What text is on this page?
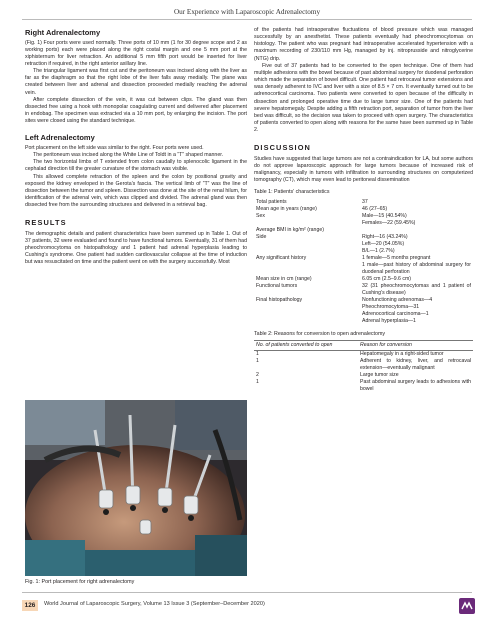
Our Experience with Laparoscopic Adrenalectomy
Right Adrenalectomy

(Fig. 1) Four ports were used normally. Three ports of 10 mm (1 for 30 degree scope and 2 as working ports) each were placed along the right costal margin and one 5 mm port at the xiphisternum for liver retraction. An additional 5 mm fifth port would be inserted for liver retraction if required, in the right anterior axillary line.

The triangular ligament was first cut and the peritoneum was incised along with the liver as far as the diaphragm so that the right lobe of the liver falls away medially. The plane was created between liver and adrenal and dissection proceeded medially reaching the adrenal vein.

After complete dissection of the vein, it was cut between clips. The gland was then dissected free using a hook with monopolar coagulating current and delivered after placement in endobag. The specimen was extracted via a 10 mm port, by enlarging the incision. The port sites were closed using the standard technique.

Left Adrenalectomy

Port placement on the left side was similar to the right. Four ports were used.

The peritoneum was incised along the White Line of Toldt in a “T” shaped manner.

The two horizontal limbs of T extended from colon caudally to splenocolic ligament in the cephalad direction till the greater curvature of the stomach was visible.

This allowed complete retraction of the spleen and the colon by positional gravity and exposed the kidney enveloped in the Gerota’s fascia. The vertical limb of “T” was the line of dissection between the tumor and spleen. Dissection was done at the site of the renal hilum, for identification of the adrenal vein, which was clipped and divided. The adrenal gland was then dissected free from the surrounding structures and delivered in a retrieval bag.

RESULTS

The demographic details and patient characteristics have been summed up in Table 1. Out of 37 patients, 32 were evaluated and found to have functional tumors. Eventually, 31 of them had pheochromocytoma on histopathology and 1 patient had adrenal hyperplasia leading to Cushing’s syndrome. One patient had sudden cardiovascular collapse at the time of induction but was resuscitated on time and the patient went on with the surgery successfully. Most

Fig. 1: Port placement for right adrenalectomy

of the patients had intraoperative fluctuations of blood pressure which was managed successfully by an anesthetist. These patients eventually had pheochromocytomas on histology. The patient who was pregnant had intraoperative accelerated hypertension with a maximum recording of 230/110 mm Hg, managed by inj. nitroprusside and nitroglycerine (NTG) drip.

Five out of 37 patients had to be converted to the open technique. One of them had multiple adhesions with the bowel because of past abdominal surgery for duodenal perforation which made the separation of bowel difficult. One patient had retrocaval tumor extensions and was densely adherent to IVC and liver with a size of 8.5 × 7 cm. It eventually turned out to be adrenocortical carcinoma. Two patients were converted to open because of the difficulty in dissection and prolonged operative time due to large tumor size. One of the patients had severe hepatomegaly. Despite adding a fifth retraction port, separation of tumor from the liver bed was difficult, so the decision was taken to proceed with open surgery. The characteristics of patients converted to open along with reasons for the same have been summed up in Table 2.

DISCUSSION

Studies have suggested that large tumors are not a contraindication for LA, but some authors do not approve laparoscopic approach for large tumors because of increased risk of malignancy, especially in tumors with infiltration to surrounding structures on computerized tomography (CT), which may even lead to peritoneal dissemination

Table 1: Patients’ characteristics
Total patients	37
Mean age in years (range)	46 (27–65)
Sex	Male—15 (40.54%)
	Females—22 (59.45%)
Average BMI in kg/m² (range)	
Side	Right—16 (43.24%)
	Left—20 (54.05%)
	B/L—1 (2.7%)
Any significant history	1 female—5 months pregnant
	1 male—past history of abdominal surgery for duodenal perforation
Mean size in cm (range)	6.05 cm (2.5–9.6 cm)
Functional tumors	32 (31 pheochromocytomas and 1 patient of Cushing’s disease)
Final histopathology	Nonfunctioning adrenomas—4
	Pheochromocytoma—31
	Adrenocortical carcinoma—1
	Adrenal hyperplasia—1
Table 2: Reasons for conversion to open adrenalectomy
No. of patients converted to open	Reason for conversion
1	Hepatomegaly in a right-sided tumor
1	Adherent to kidney, liver, and retrocaval extension—eventually malignant
2	Large tumor size
1	Past abdominal surgery leads to adhesions with bowel
126	World Journal of Laparoscopic Surgery, Volume 13 Issue 3 (September–December 2020)
